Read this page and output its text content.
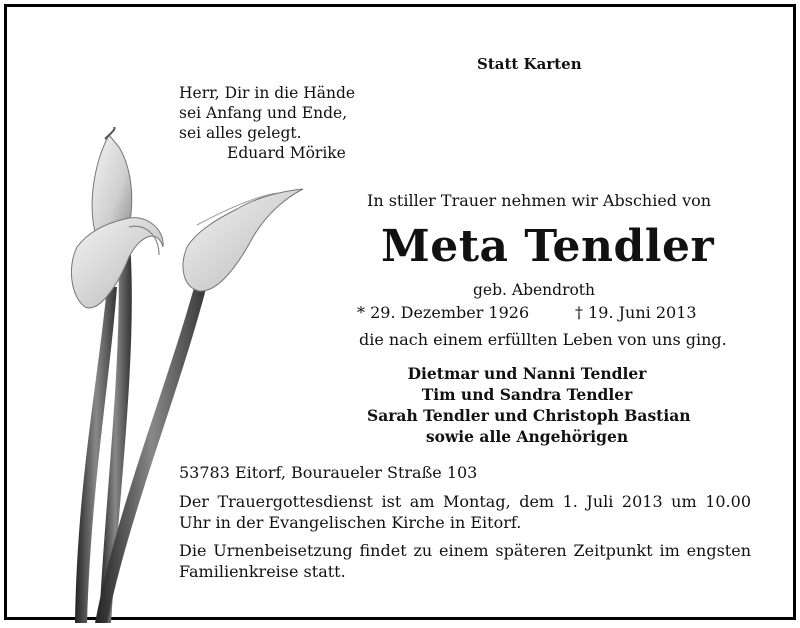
Statt Karten
Herr, Dir in die Hände
sei Anfang und Ende,
sei alles gelegt.
Eduard Mörike
In stiller Trauer nehmen wir Abschied von
Meta Tendler
geb. Abendroth
* 29. Dezember 1926	† 19. Juni 2013
die nach einem erfüllten Leben von uns ging.
Dietmar und Nanni Tendler
Tim und Sandra Tendler
Sarah Tendler und Christoph Bastian
sowie alle Angehörigen
53783 Eitorf, Bouraueler Straße 103
Der Trauergottesdienst ist am Montag, dem 1. Juli 2013 um 10.00 Uhr in der Evangelischen Kirche in Eitorf.
Die Urnenbeisetzung findet zu einem späteren Zeitpunkt im engsten Familienkreise statt.
